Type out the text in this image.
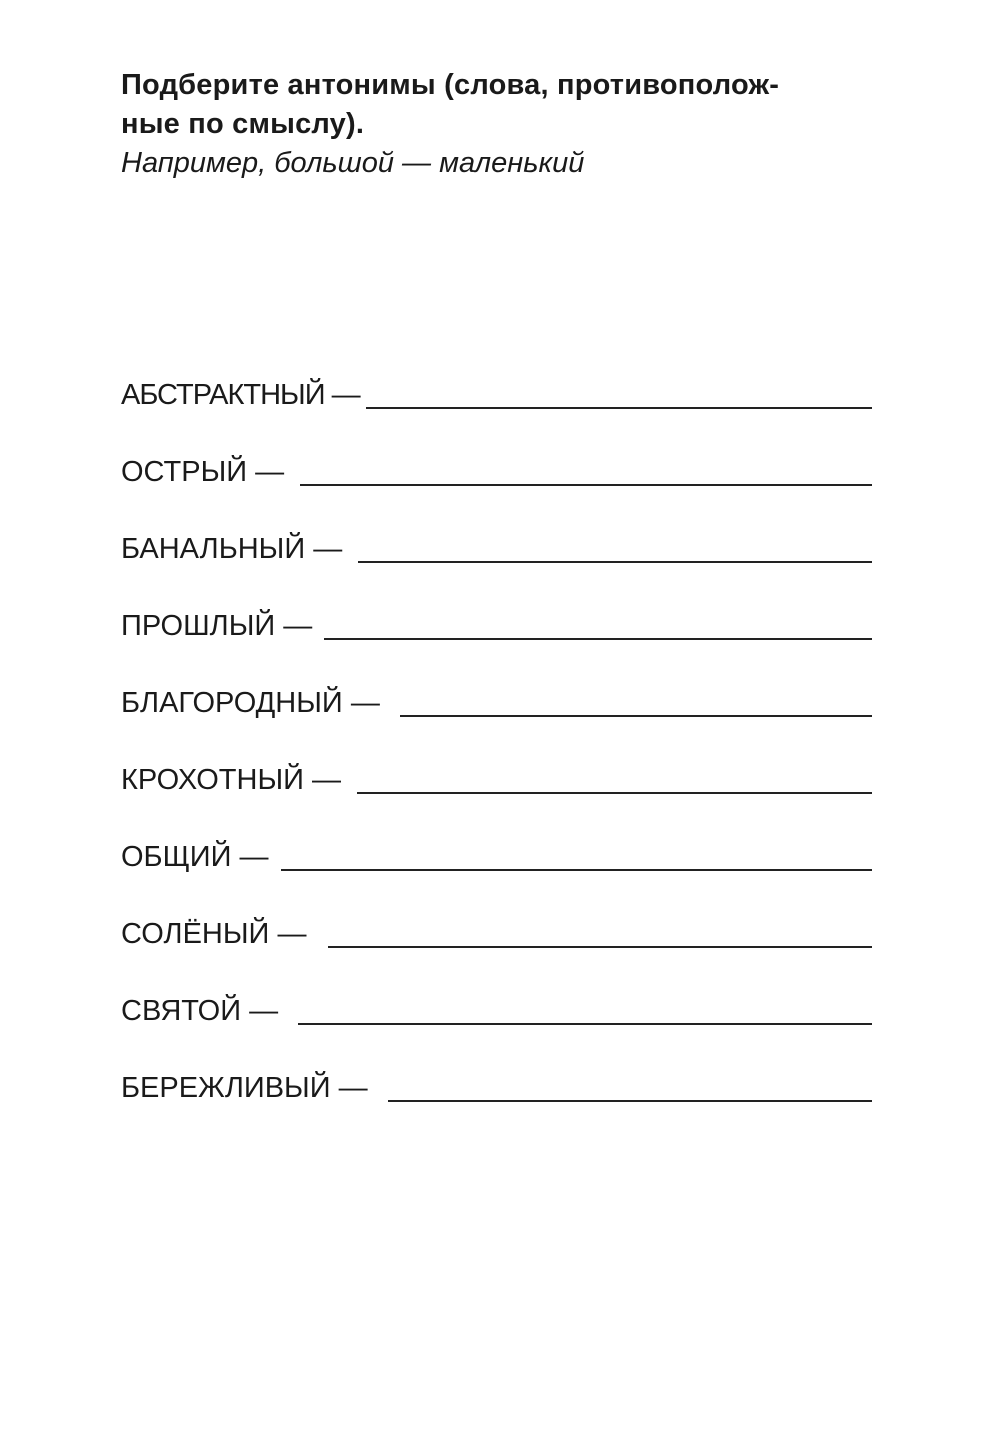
Подберите антонимы (слова, противополож-
ные по смыслу).

Например, большой — маленький

АБСТРАКТНЫЙ —
ОСТРЫЙ —
БАНАЛЬНЫЙ —
ПРОШЛЫЙ —
БЛАГОРОДНЫЙ —
КРОХОТНЫЙ —
ОБЩИЙ —
СОЛЁНЫЙ —
СВЯТОЙ —
БЕРЕЖЛИВЫЙ —
